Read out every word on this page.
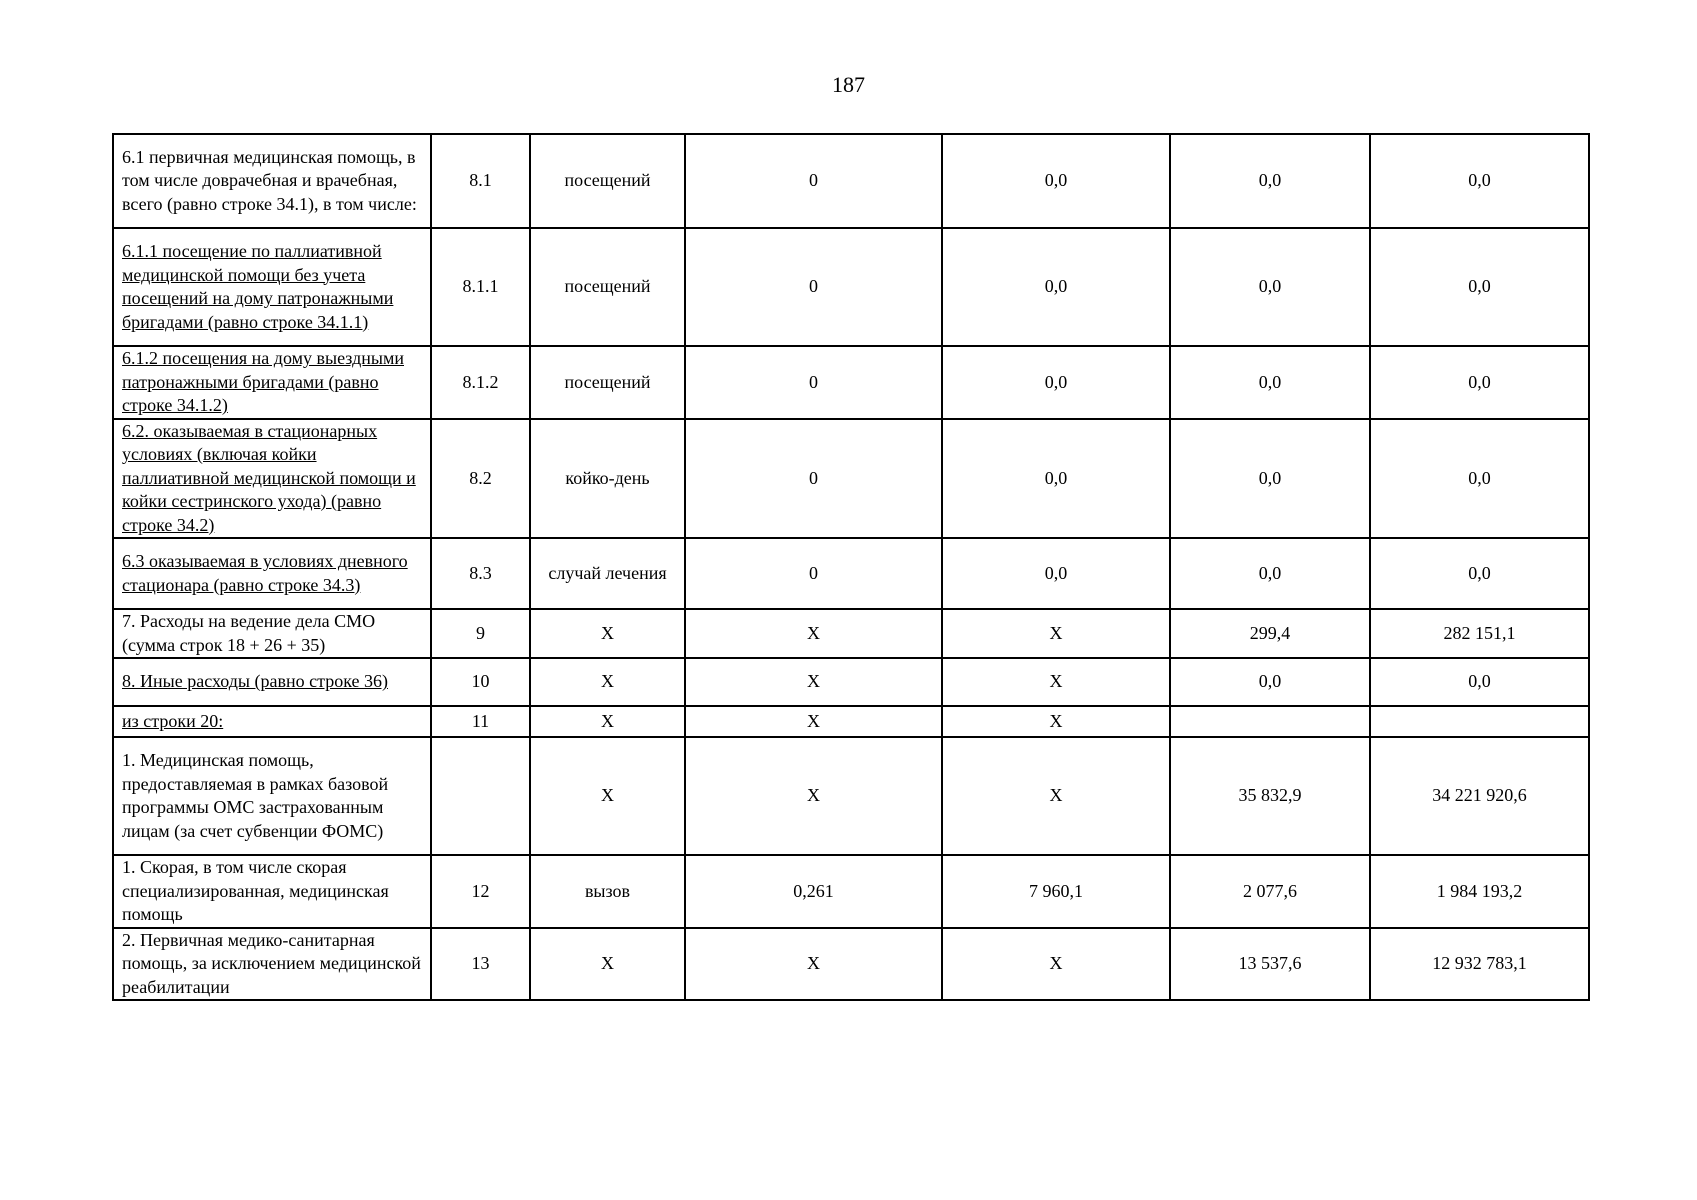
187
6.1 первичная медицинская помощь, в том числе доврачебная и врачебная, всего (равно строке 34.1), в том числе:	8.1	посещений	0	0,0	0,0	0,0
6.1.1 посещение по паллиативной медицинской помощи без учета посещений на дому патронажными бригадами (равно строке 34.1.1)	8.1.1	посещений	0	0,0	0,0	0,0
6.1.2 посещения на дому выездными патронажными бригадами (равно строке 34.1.2)	8.1.2	посещений	0	0,0	0,0	0,0
6.2. оказываемая в стационарных условиях (включая койки паллиативной медицинской помощи и койки сестринского ухода) (равно строке 34.2)	8.2	койко-день	0	0,0	0,0	0,0
6.3 оказываемая в условиях дневного стационара (равно строке 34.3)	8.3	случай лечения	0	0,0	0,0	0,0
7. Расходы на ведение дела СМО (сумма строк 18 + 26 + 35)	9	Х	Х	Х	299,4	282 151,1
8. Иные расходы (равно строке 36)	10	Х	Х	Х	0,0	0,0
из строки 20:	11	Х	Х	Х		
1. Медицинская помощь, предоставляемая в рамках базовой программы ОМС застрахованным лицам (за счет субвенции ФОМС)		Х	Х	Х	35 832,9	34 221 920,6
1. Скорая, в том числе скорая специализированная, медицинская помощь	12	вызов	0,261	7 960,1	2 077,6	1 984 193,2
2. Первичная медико-санитарная помощь, за исключением медицинской реабилитации	13	Х	Х	Х	13 537,6	12 932 783,1
